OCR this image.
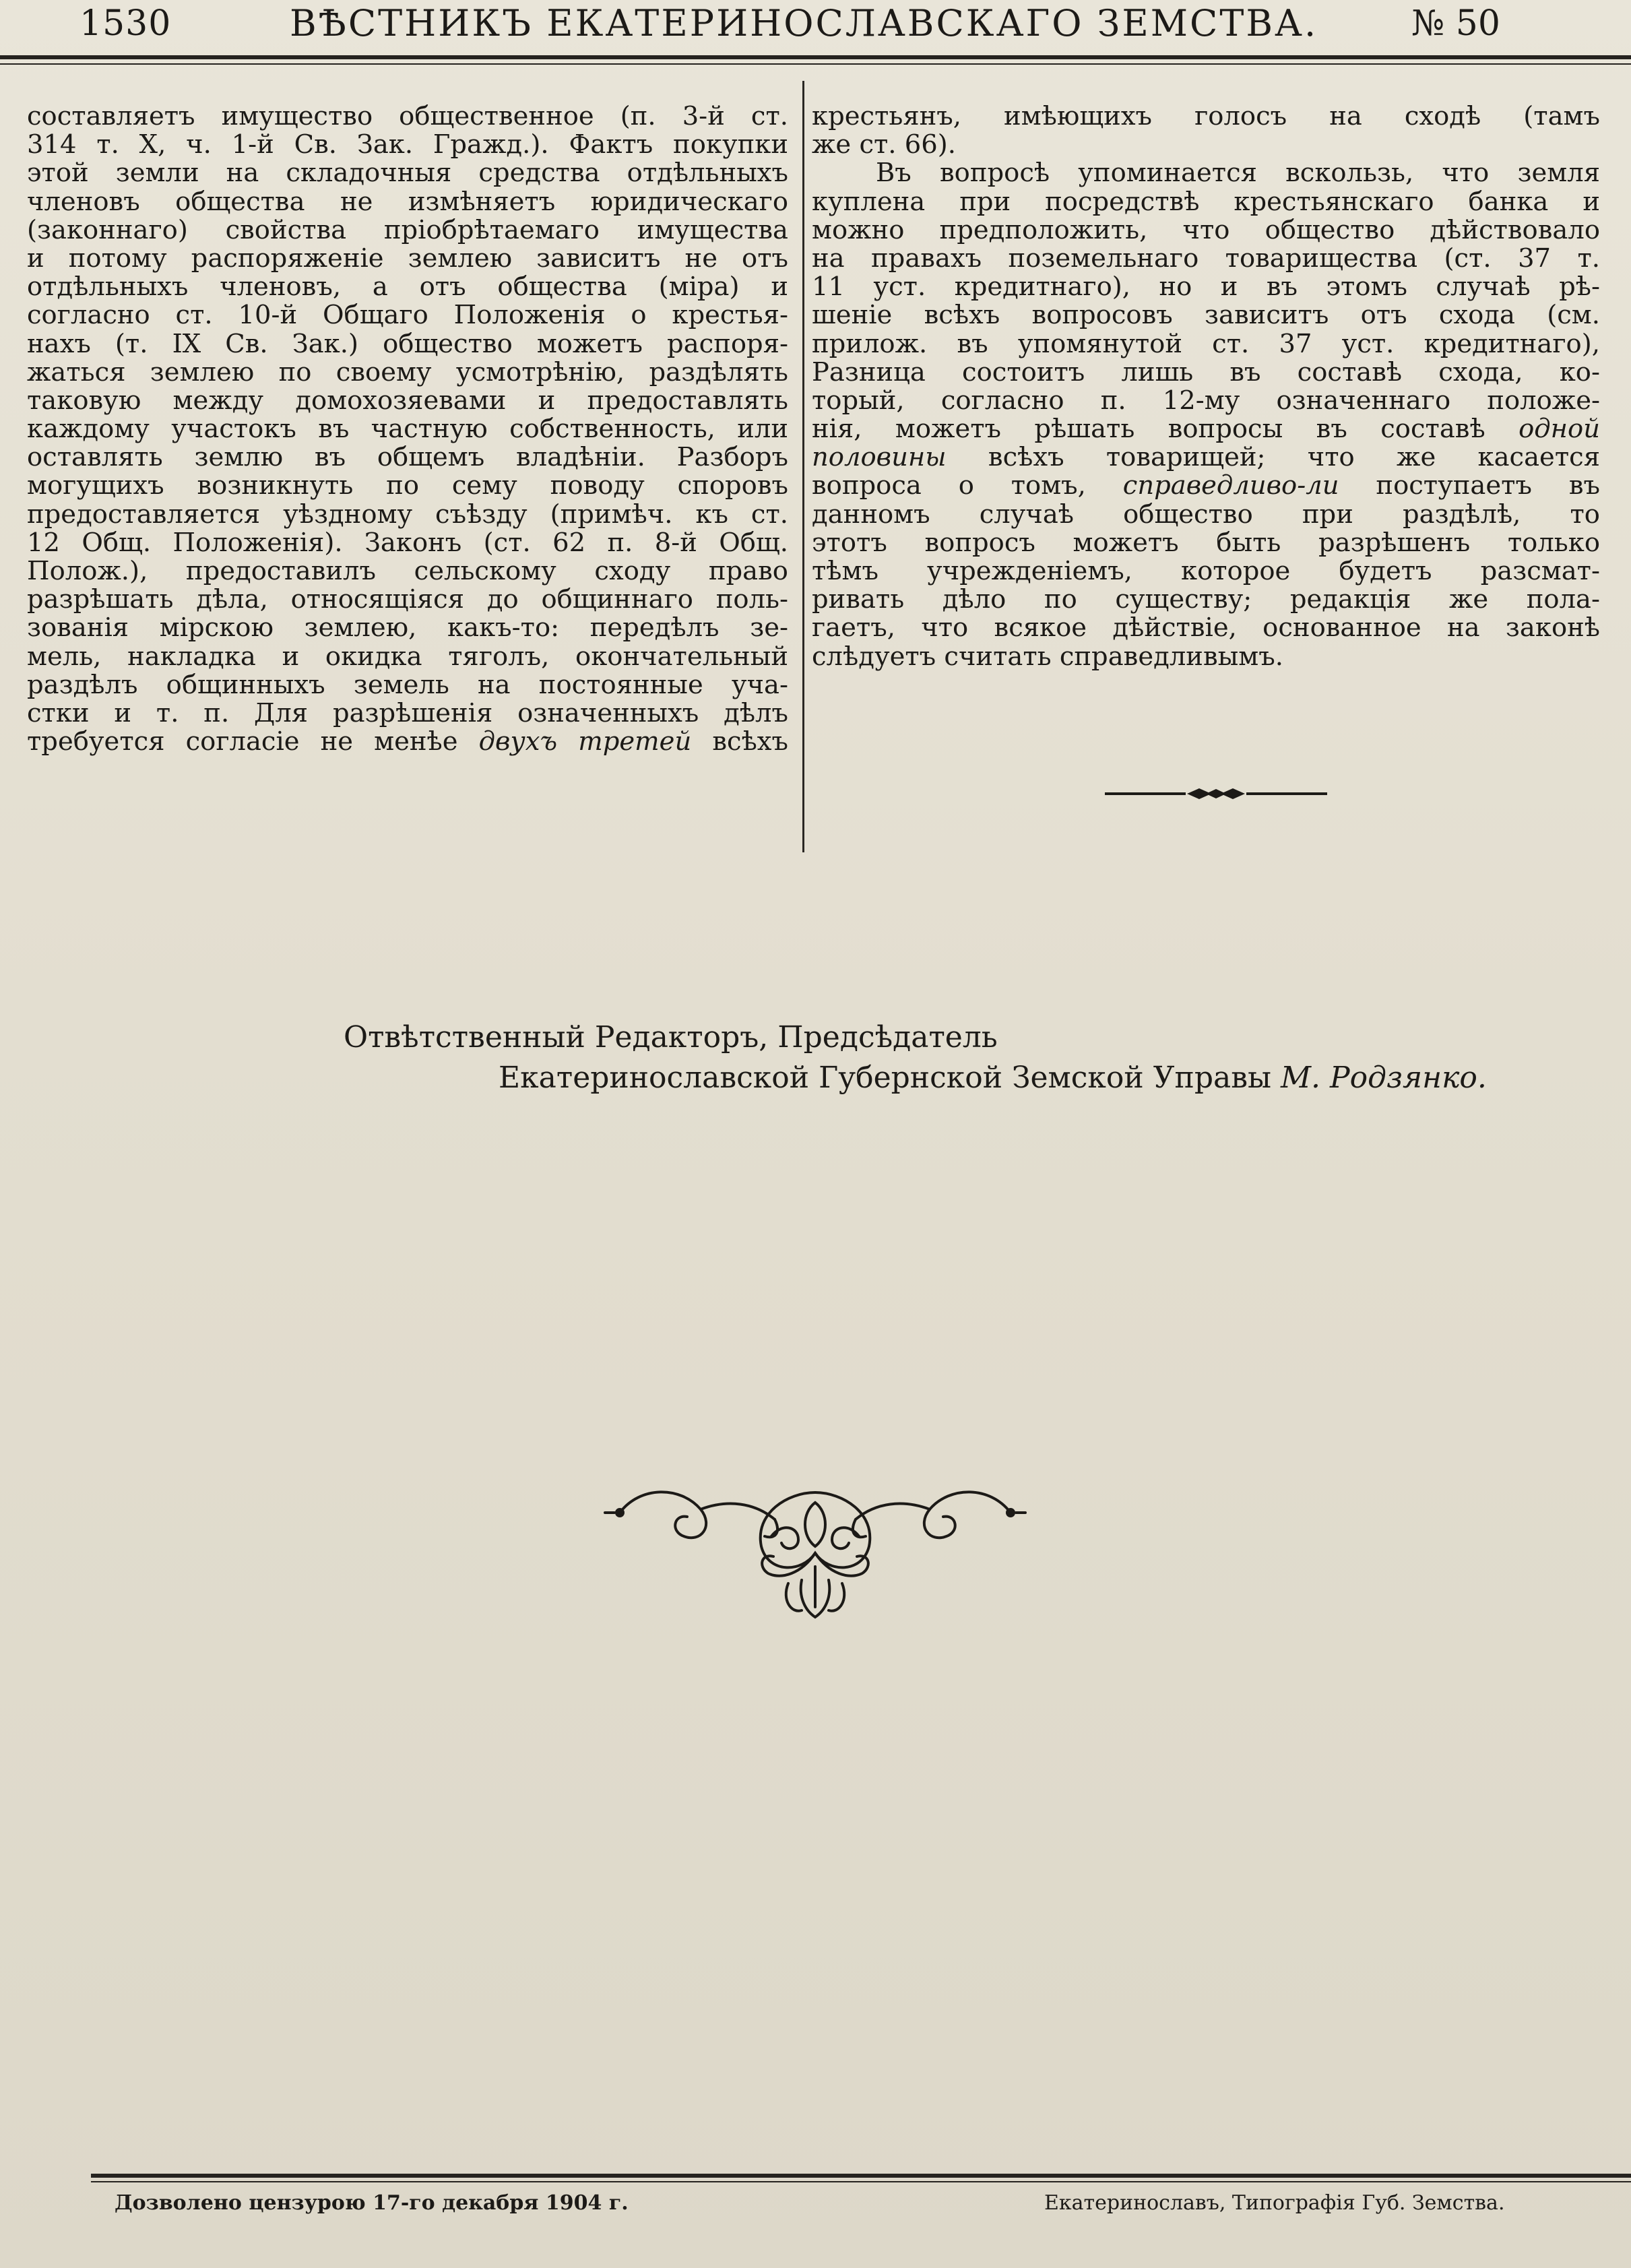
1530	ВѢСТНИКЪ ЕКАТЕРИНОСЛАВСКАГО ЗЕМСТВА.	№ 50
составляетъ имущество общественное (п. 3-й ст.
314 т. X, ч. 1-й Св. Зак. Гражд.). Фактъ покупки
этой земли на складочныя средства отдѣльныхъ
членовъ общества не измѣняетъ юридическаго
(законнаго) свойства пріобрѣтаемаго имущества
и потому распоряженіе землею зависитъ не отъ
отдѣльныхъ членовъ, а отъ общества (міра) и
согласно ст. 10-й Общаго Положенія о крестья-
нахъ (т. IX Св. Зак.) общество можетъ распоря-
жаться землею по своему усмотрѣнію, раздѣлять
таковую между домохозяевами и предоставлять
каждому участокъ въ частную собственность, или
оставлять землю въ общемъ владѣніи. Разборъ
могущихъ возникнуть по сему поводу споровъ
предоставляется уѣздному съѣзду (примѣч. къ ст.
12 Общ. Положенія). Законъ (ст. 62 п. 8-й Общ.
Полож.), предоставилъ сельскому сходу право
разрѣшать дѣла, относящіяся до общиннаго поль-
зованія мірскою землею, какъ-то: передѣлъ зе-
мель, накладка и окидка тяголъ, окончательный
раздѣлъ общинныхъ земель на постоянные уча-
стки и т. п. Для разрѣшенія означенныхъ дѣлъ
требуется согласіе не менѣе двухъ третей всѣхъ
крестьянъ, имѣющихъ голосъ на сходѣ (тамъ
же ст. 66).
Въ вопросѣ упоминается вскользь, что земля
куплена при посредствѣ крестьянскаго банка и
можно предположить, что общество дѣйствовало
на правахъ поземельнаго товарищества (ст. 37 т.
11 уст. кредитнаго), но и въ этомъ случаѣ рѣ-
шеніе всѣхъ вопросовъ зависитъ отъ схода (см.
прилож. въ упомянутой ст. 37 уст. кредитнаго),
Разница состоитъ лишь въ составѣ схода, ко-
торый, согласно п. 12-му означеннаго положе-
нія, можетъ рѣшать вопросы въ составѣ одной
половины всѣхъ товарищей; что же касается
вопроса о томъ, справедливо-ли поступаетъ въ
данномъ случаѣ общество при раздѣлѣ, то
этотъ вопросъ можетъ быть разрѣшенъ только
тѣмъ учрежденіемъ, которое будетъ разсмат-
ривать дѣло по существу; редакція же пола-
гаетъ, что всякое дѣйствіе, основанное на законѣ
слѣдуетъ считать справедливымъ.
Отвѣтственный Редакторъ, Предсѣдатель
Екатеринославской Губернской Земской Управы М. Родзянко.
Дозволено цензурою 17-го декабря 1904 г.	Екатеринославъ, Типографія Губ. Земства.
